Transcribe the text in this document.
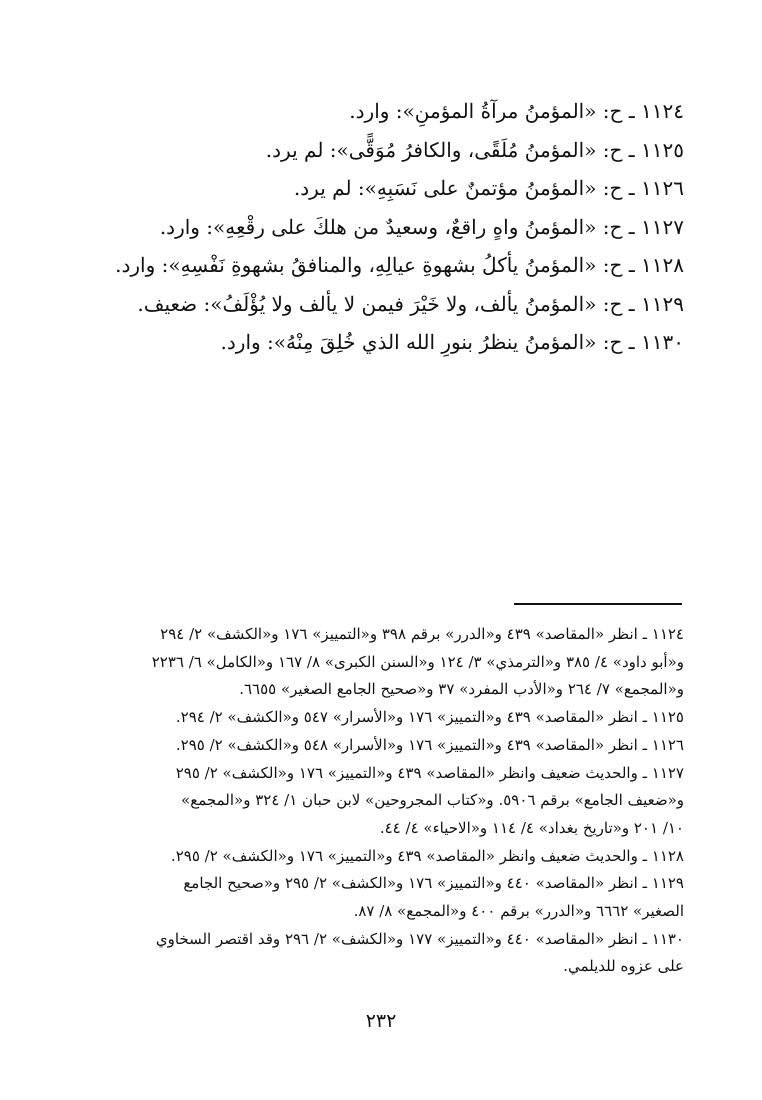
١١٢٤ ـ ح: «المؤمنُ مرآةُ المؤمنِ»: وارد.
١١٢٥ ـ ح: «المؤمنُ مُلَقًى، والكافرُ مُوَقًّى»: لم يرد.
١١٢٦ ـ ح: «المؤمنُ مؤتمنٌ على نَسَبِهِ»: لم يرد.
١١٢٧ ـ ح: «المؤمنُ واهٍ راقعٌ، وسعيدٌ من هلكَ على رقْعِهِ»: وارد.
١١٢٨ ـ ح: «المؤمنُ يأكلُ بشهوةِ عيالِهِ، والمنافقُ بشهوةِ نَفْسِهِ»: وارد.
١١٢٩ ـ ح: «المؤمنُ يألف، ولا خَيْرَ فيمن لا يألف ولا يُؤْلَفُ»: ضعيف.
١١٣٠ ـ ح: «المؤمنُ ينظرُ بنورِ الله الذي خُلِقَ مِنْهُ»: وارد.
١١٢٤ ـ انظر «المقاصد» ٤٣٩ و«الدرر» برقم ٣٩٨ و«التمييز» ١٧٦ و«الكشف» ٢/ ٢٩٤
و«أبو داود» ٤/ ٣٨٥ و«الترمذي» ٣/ ١٢٤ و«السنن الكبرى» ٨/ ١٦٧ و«الكامل» ٦/ ٢٢٣٦
و«المجمع» ٧/ ٢٦٤ و«الأدب المفرد» ٣٧ و«صحيح الجامع الصغير» ٦٦٥٥.
١١٢٥ ـ انظر «المقاصد» ٤٣٩ و«التمييز» ١٧٦ و«الأسرار» ٥٤٧ و«الكشف» ٢/ ٢٩٤.
١١٢٦ ـ انظر «المقاصد» ٤٣٩ و«التمييز» ١٧٦ و«الأسرار» ٥٤٨ و«الكشف» ٢/ ٢٩٥.
١١٢٧ ـ والحديث ضعيف وانظر «المقاصد» ٤٣٩ و«التمييز» ١٧٦ و«الكشف» ٢/ ٢٩٥
و«ضعيف الجامع» برقم ٥٩٠٦. و«كتاب المجروحين» لابن حبان ١/ ٣٢٤ و«المجمع»
١٠/ ٢٠١ و«تاريخ بغداد» ٤/ ١١٤ و«الاحياء» ٤/ ٤٤.
١١٢٨ ـ والحديث ضعيف وانظر «المقاصد» ٤٣٩ و«التمييز» ١٧٦ و«الكشف» ٢/ ٢٩٥.
١١٢٩ ـ انظر «المقاصد» ٤٤٠ و«التمييز» ١٧٦ و«الكشف» ٢/ ٢٩٥ و«صحيح الجامع
الصغير» ٦٦٦٢ و«الدرر» برقم ٤٠٠ و«المجمع» ٨/ ٨٧.
١١٣٠ ـ انظر «المقاصد» ٤٤٠ و«التمييز» ١٧٧ و«الكشف» ٢/ ٢٩٦ وقد اقتصر السخاوي
على عزوه للديلمي.
٢٣٢
